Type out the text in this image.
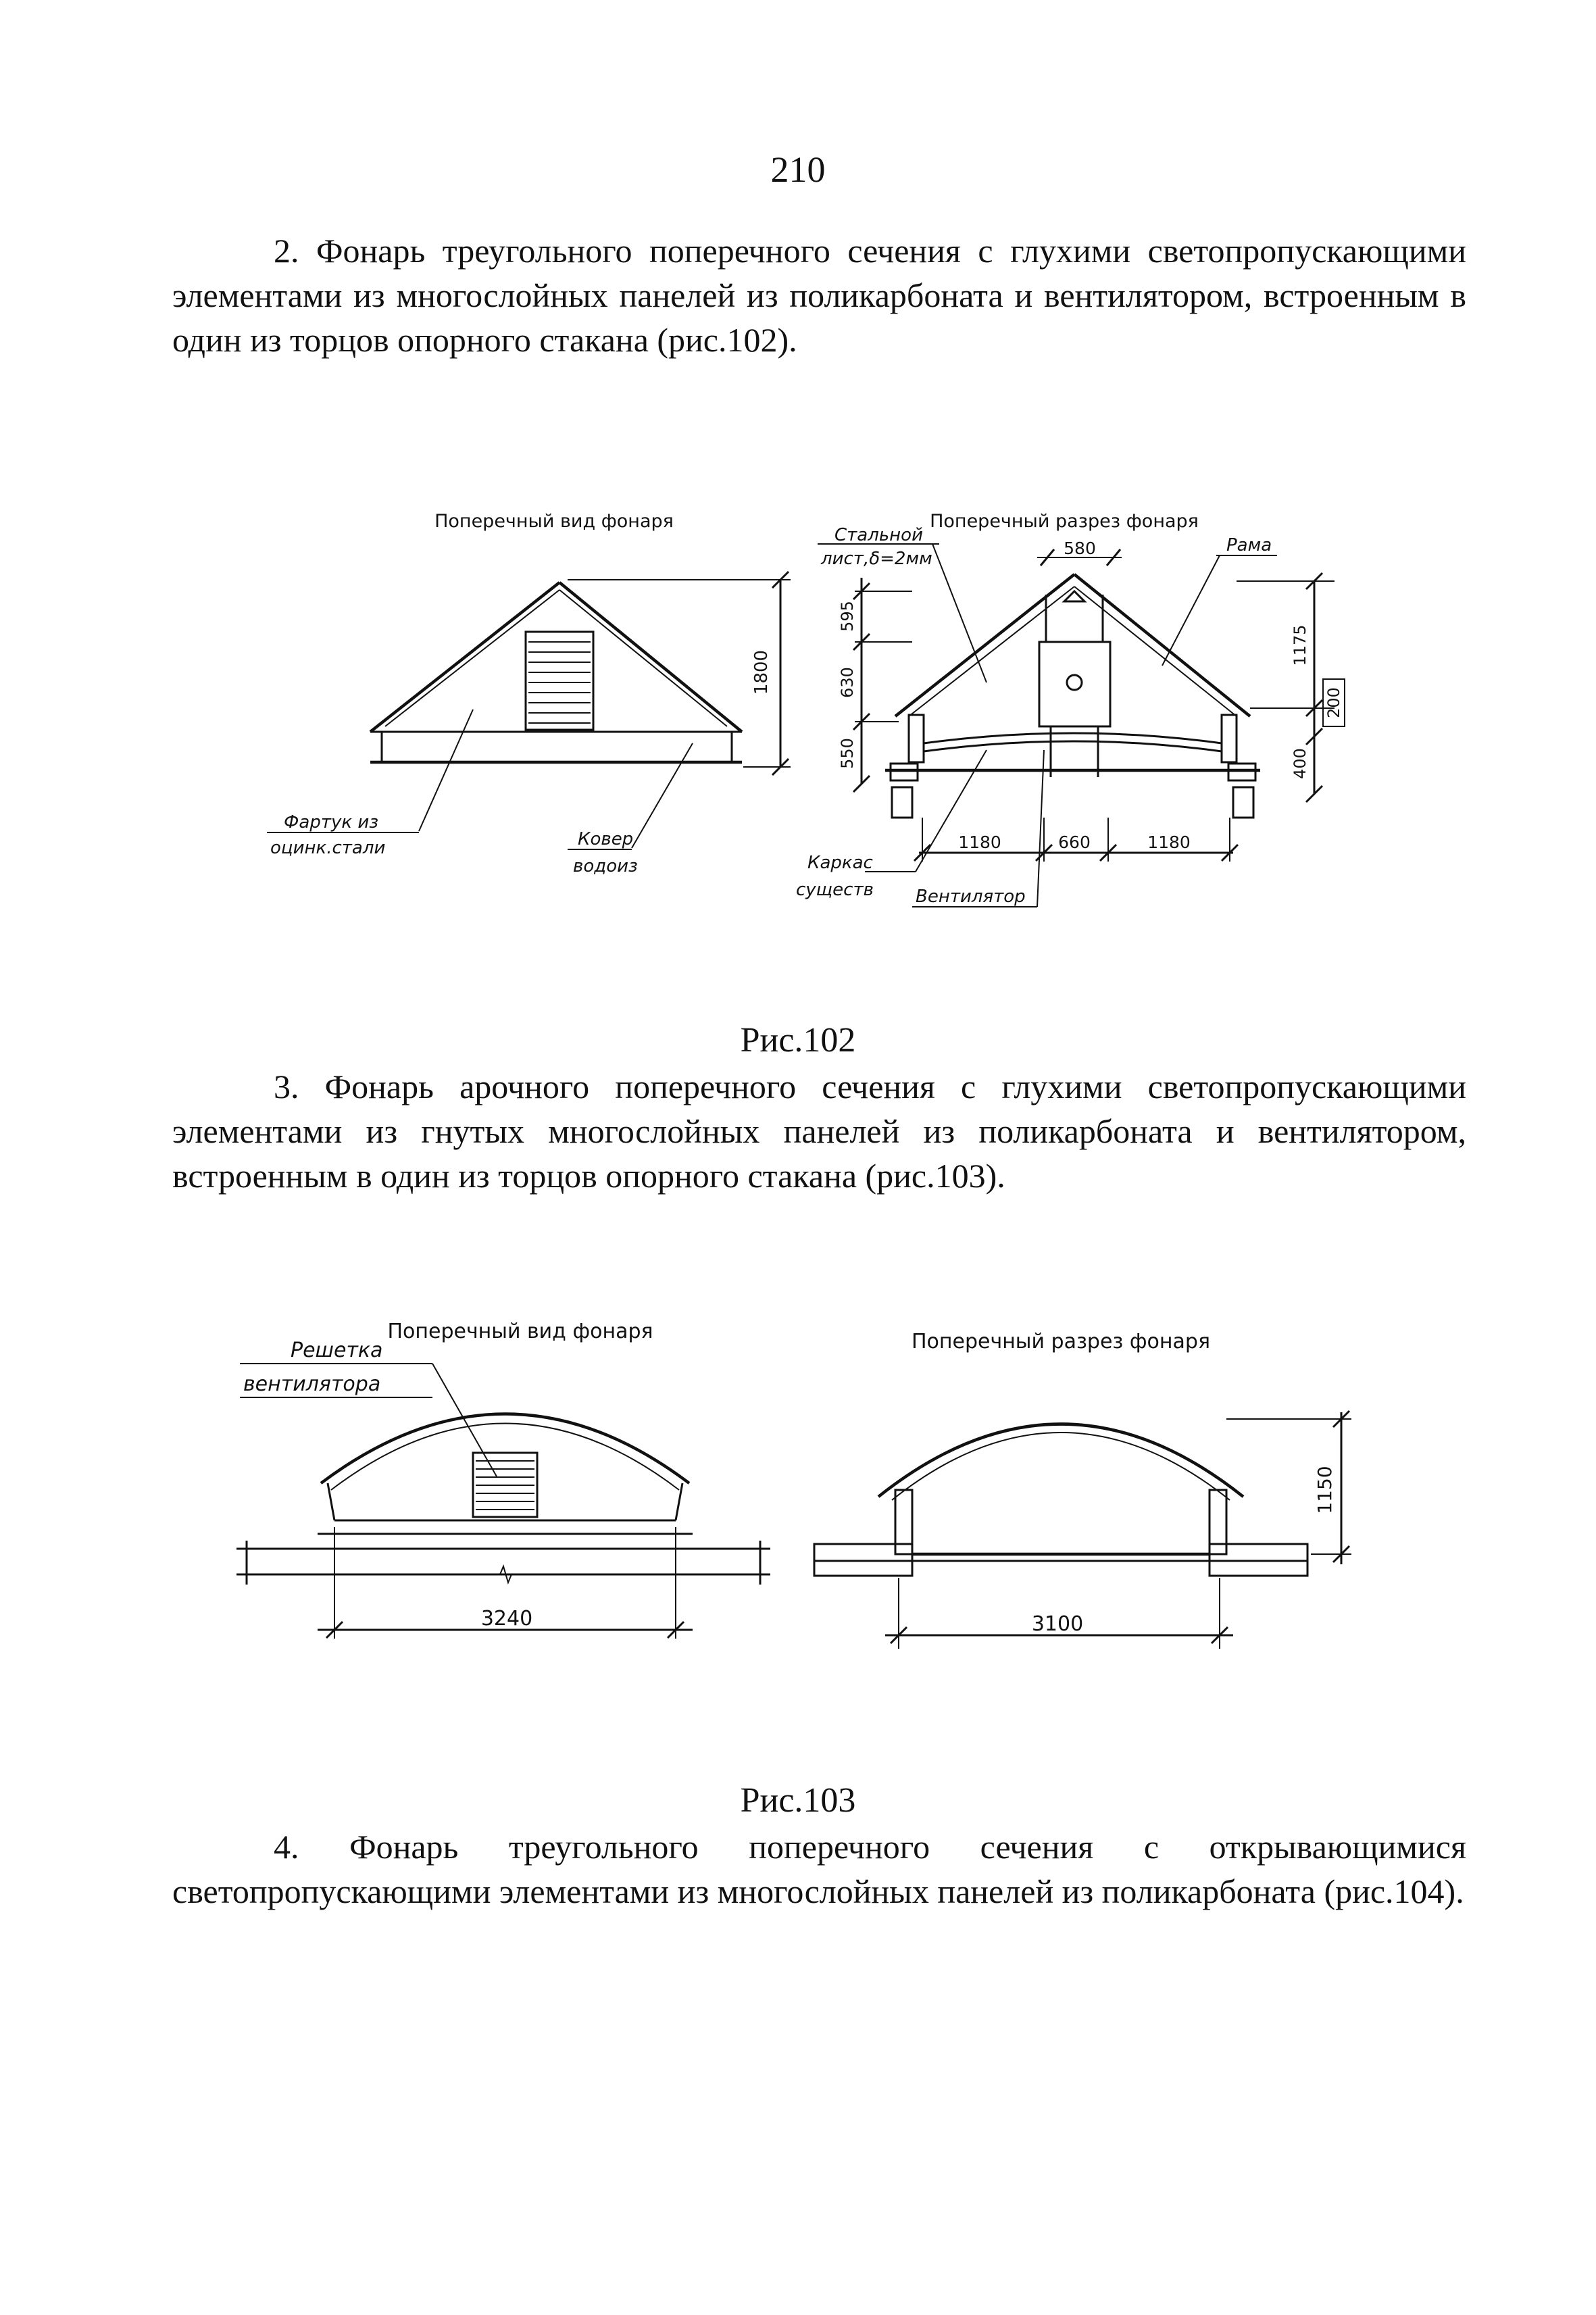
210

2. Фонарь треугольного поперечного сечения с глухими светопропускающими элементами из многослойных панелей из поликарбоната и вентилятором, встроенным в один из торцов опорного стакана (рис.102).

Поперечный вид фонаря
1800
Фартук из
оцинк.стали	Ковер
водоиз
Поперечный разрез фонаря
Стальной
лист,δ=2мм
Рама
580
595
630
550
1175
200
400
1180	660	1180
Каркас
существ Вентилятор
Рис.102

3. Фонарь арочного поперечного сечения с глухими светопропускающими элементами из гнутых многослойных панелей из поликарбоната и вентилятором, встроенным в один из торцов опорного стакана (рис.103).

Поперечный вид фонаря
Решетка
вентилятора
3240
Поперечный разрез фонаря
3100
1150
Рис.103

4. Фонарь треугольного поперечного сечения с открывающимися светопропускающими элементами из многослойных панелей из поликарбоната (рис.104).
